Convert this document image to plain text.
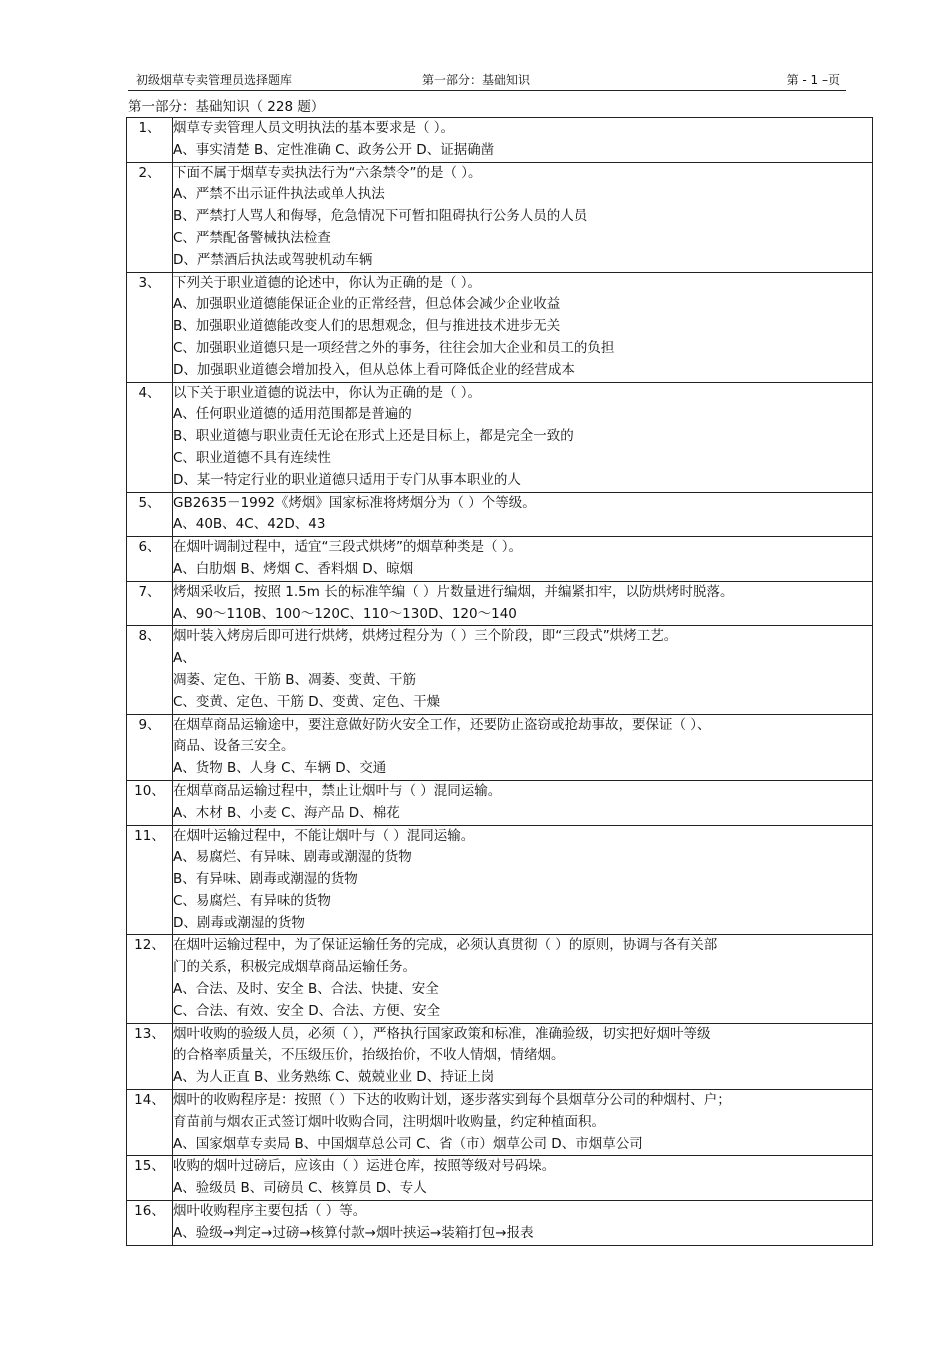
初级烟草专卖管理员选择题库	第一部分：基础知识	第 - 1 –页
第一部分：基础知识（ 228 题）
1、	烟草专卖管理人员文明执法的基本要求是（ ）。
A、事实清楚 B、定性准确 C、政务公开 D、证据确凿

2、	下面不属于烟草专卖执法行为“六条禁令”的是（ ）。
A、严禁不出示证件执法或单人执法
B、严禁打人骂人和侮辱，危急情况下可暂扣阻碍执行公务人员的人员
C、严禁配备警械执法检查
D、严禁酒后执法或驾驶机动车辆

3、	下列关于职业道德的论述中，你认为正确的是（ ）。
A、加强职业道德能保证企业的正常经营，但总体会减少企业收益
B、加强职业道德能改变人们的思想观念，但与推进技术进步无关
C、加强职业道德只是一项经营之外的事务，往往会加大企业和员工的负担
D、加强职业道德会增加投入，但从总体上看可降低企业的经营成本

4、	以下关于职业道德的说法中，你认为正确的是（ ）。
A、任何职业道德的适用范围都是普遍的
B、职业道德与职业责任无论在形式上还是目标上，都是完全一致的
C、职业道德不具有连续性
D、某一特定行业的职业道德只适用于专门从事本职业的人

5、	GB2635－1992《烤烟》国家标准将烤烟分为（ ）个等级。
A、40B、4C、42D、43

6、	在烟叶调制过程中，适宜“三段式烘烤”的烟草种类是（ ）。
A、白肋烟 B、烤烟 C、香料烟 D、晾烟

7、	烤烟采收后，按照 1.5m 长的标准竿编（ ）片数量进行编烟，并编紧扣牢，以防烘烤时脱落。
A、90～110B、100～120C、110～130D、120～140

8、	烟叶装入烤房后即可进行烘烤，烘烤过程分为（ ）三个阶段，即“三段式”烘烤工艺。
A、
凋萎、定色、干筋 B、凋萎、变黄、干筋
C、变黄、定色、干筋 D、变黄、定色、干燥

9、	在烟草商品运输途中，要注意做好防火安全工作，还要防止盗窃或抢劫事故，要保证（ ）、
商品、设备三安全。
A、货物 B、人身 C、车辆 D、交通

10、	在烟草商品运输过程中，禁止让烟叶与（ ）混同运输。
A、木材 B、小麦 C、海产品 D、棉花

11、	在烟叶运输过程中，不能让烟叶与（ ）混同运输。
A、易腐烂、有异味、剧毒或潮湿的货物
B、有异味、剧毒或潮湿的货物
C、易腐烂、有异味的货物
D、剧毒或潮湿的货物

12、	在烟叶运输过程中，为了保证运输任务的完成，必须认真贯彻（ ）的原则，协调与各有关部
门的关系，积极完成烟草商品运输任务。
A、合法、及时、安全 B、合法、快捷、安全
C、合法、有效、安全 D、合法、方便、安全

13、	烟叶收购的验级人员，必须（ ），严格执行国家政策和标准，准确验级，切实把好烟叶等级
的合格率质量关，不压级压价，抬级抬价，不收人情烟，情绪烟。
A、为人正直 B、业务熟练 C、兢兢业业 D、持证上岗

14、	烟叶的收购程序是：按照（ ）下达的收购计划，逐步落实到每个县烟草分公司的种烟村、户；
育苗前与烟农正式签订烟叶收购合同，注明烟叶收购量，约定种植面积。
A、国家烟草专卖局 B、中国烟草总公司 C、省（市）烟草公司 D、市烟草公司

15、	收购的烟叶过磅后，应该由（ ）运进仓库，按照等级对号码垛。
A、验级员 B、司磅员 C、核算员 D、专人

16、	烟叶收购程序主要包括（ ）等。
A、验级→判定→过磅→核算付款→烟叶挟运→装箱打包→报表
